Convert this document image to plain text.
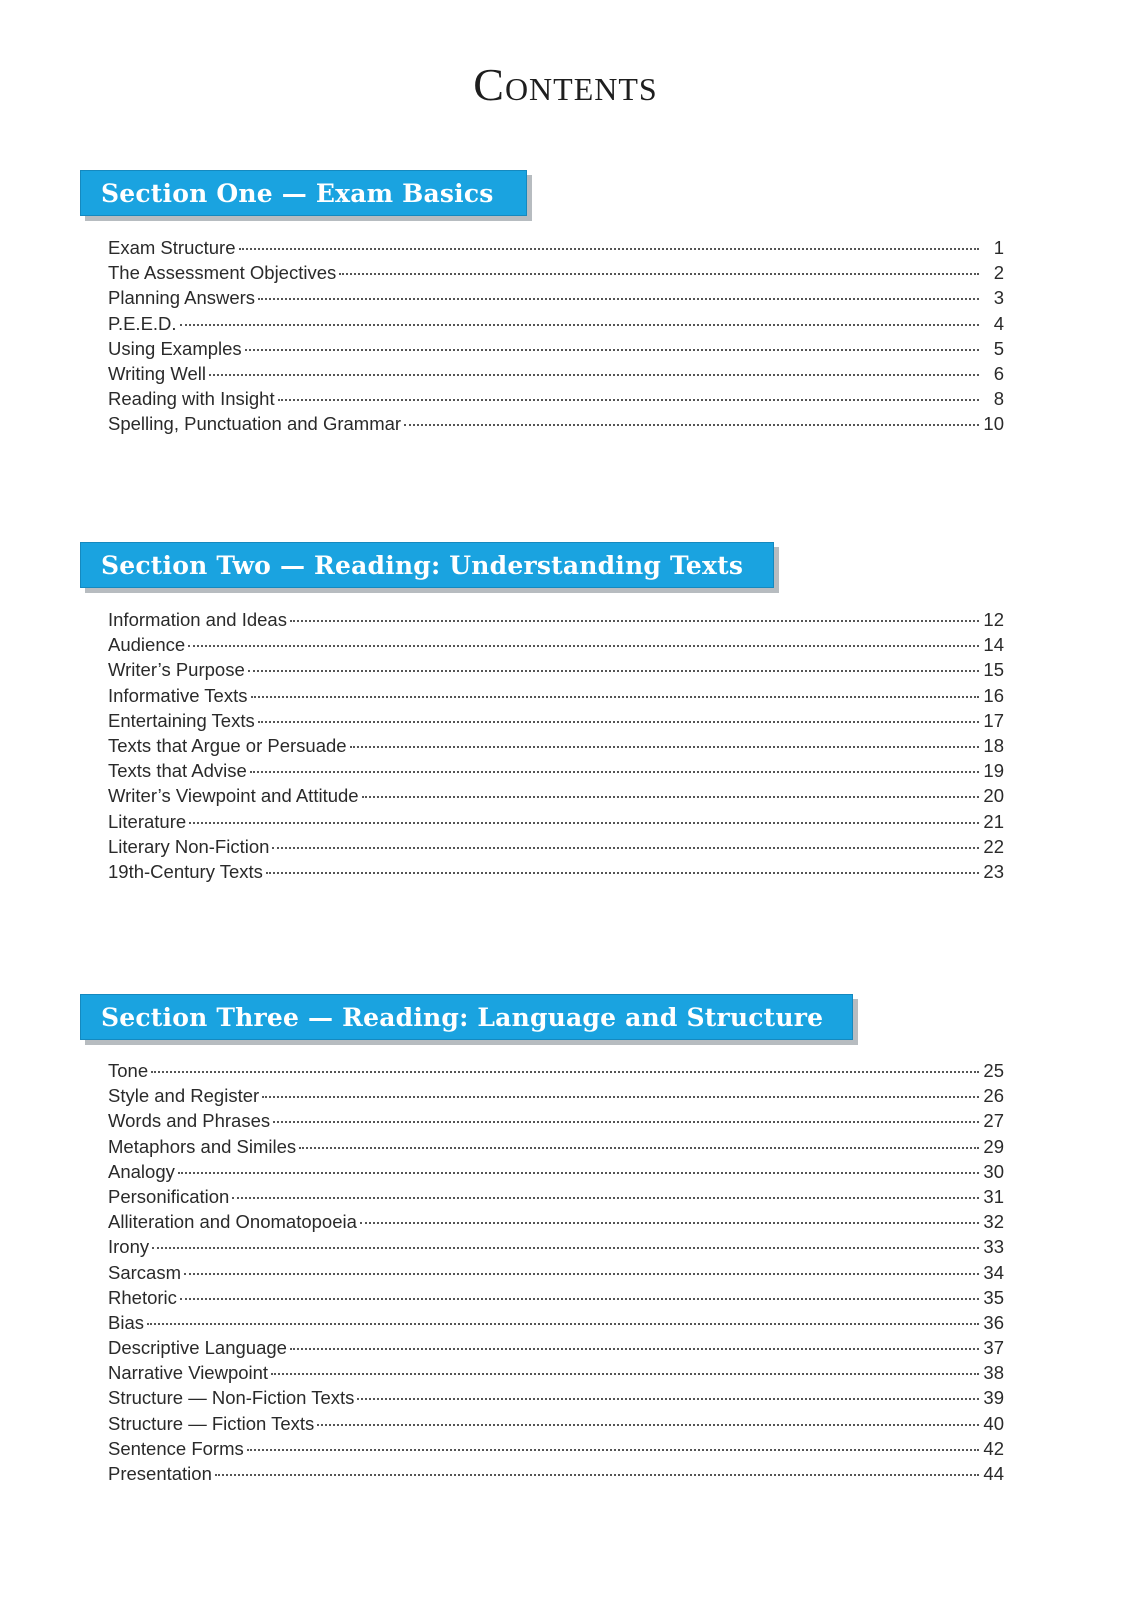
Contents
Section One — Exam Basics
Exam Structure	1
The Assessment Objectives	2
Planning Answers	3
P.E.E.D.	4
Using Examples	5
Writing Well	6
Reading with Insight	8
Spelling, Punctuation and Grammar	10
Section Two — Reading: Understanding Texts
Information and Ideas	12
Audience	14
Writer’s Purpose	15
Informative Texts	16
Entertaining Texts	17
Texts that Argue or Persuade	18
Texts that Advise	19
Writer’s Viewpoint and Attitude	20
Literature	21
Literary Non-Fiction	22
19th-Century Texts	23
Section Three — Reading: Language and Structure
Tone	25
Style and Register	26
Words and Phrases	27
Metaphors and Similes	29
Analogy	30
Personification	31
Alliteration and Onomatopoeia	32
Irony	33
Sarcasm	34
Rhetoric	35
Bias	36
Descriptive Language	37
Narrative Viewpoint	38
Structure — Non-Fiction Texts	39
Structure — Fiction Texts	40
Sentence Forms	42
Presentation	44
